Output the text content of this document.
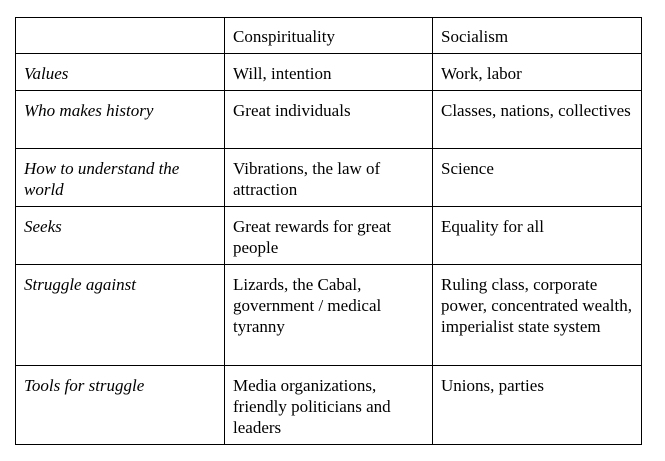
	Conspirituality	Socialism
Values	Will, intention	Work, labor
Who makes history	Great individuals	Classes, nations, collectives
How to understand the world	Vibrations, the law of attraction	Science
Seeks	Great rewards for great people	Equality for all
Struggle against	Lizards, the Cabal, government / medical tyranny	Ruling class, corporate power, concentrated wealth, imperialist state system
Tools for struggle	Media organizations, friendly politicians and leaders	Unions, parties
